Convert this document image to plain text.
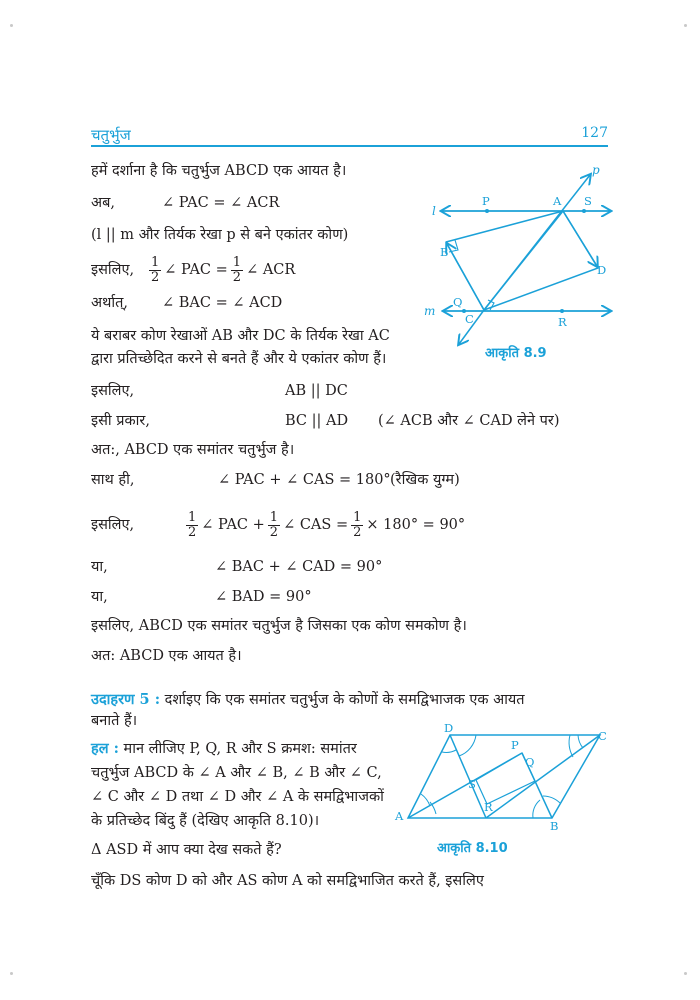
चतुर्भुज	127
हमें दर्शाना है कि चतुर्भुज ABCD एक आयत है।
अब,	∠ PAC = ∠ ACR
(l || m और तिर्यक रेखा p से बने एकांतर कोण)
इसलिए, $\frac{1}{2}$ ∠ PAC = $\frac{1}{2}$ ∠ ACR
अर्थात्, ∠ BAC = ∠ ACD
ये बराबर कोण रेखाओं AB और DC के तिर्यक रेखा AC
द्वारा प्रतिच्छेदित करने से बनते हैं और ये एकांतर कोण हैं।
इसलिए,	AB || DC
इसी प्रकार,	BC || AD (∠ ACB और ∠ CAD लेने पर)
अत:, ABCD एक समांतर चतुर्भुज है।
साथ ही,	∠ PAC + ∠ CAS = 180° (रैखिक युग्म)
इसलिए,	$\frac{1}{2}$ ∠ PAC + $\frac{1}{2}$ ∠ CAS = $\frac{1}{2} \times 180^\circ = 90^\circ$
या,	∠ BAC + ∠ CAD = 90°
या,	∠ BAD = 90°
इसलिए, ABCD एक समांतर चतुर्भुज है जिसका एक कोण समकोण है।
अत: ABCD एक आयत है।
उदाहरण 5 : दर्शाइए कि एक समांतर चतुर्भुज के कोणों के समद्विभाजक एक आयत
बनाते हैं।
हल : मान लीजिए P, Q, R और S क्रमश: समांतर
चतुर्भुज ABCD के ∠ A और ∠ B, ∠ B और ∠ C,
∠ C और ∠ D तथा ∠ D और ∠ A के समद्विभाजकों
के प्रतिच्छेद बिंदु हैं (देखिए आकृति 8.10)।
Δ ASD में आप क्या देख सकते हैं?
चूँकि DS कोण D को और AS कोण A को समद्विभाजित करते हैं, इसलिए
p
l
m
P	A S
B
D
Q
C	R
आकृति 8.9
D
C
P
Q
S
R
A
B
आकृति 8.10
